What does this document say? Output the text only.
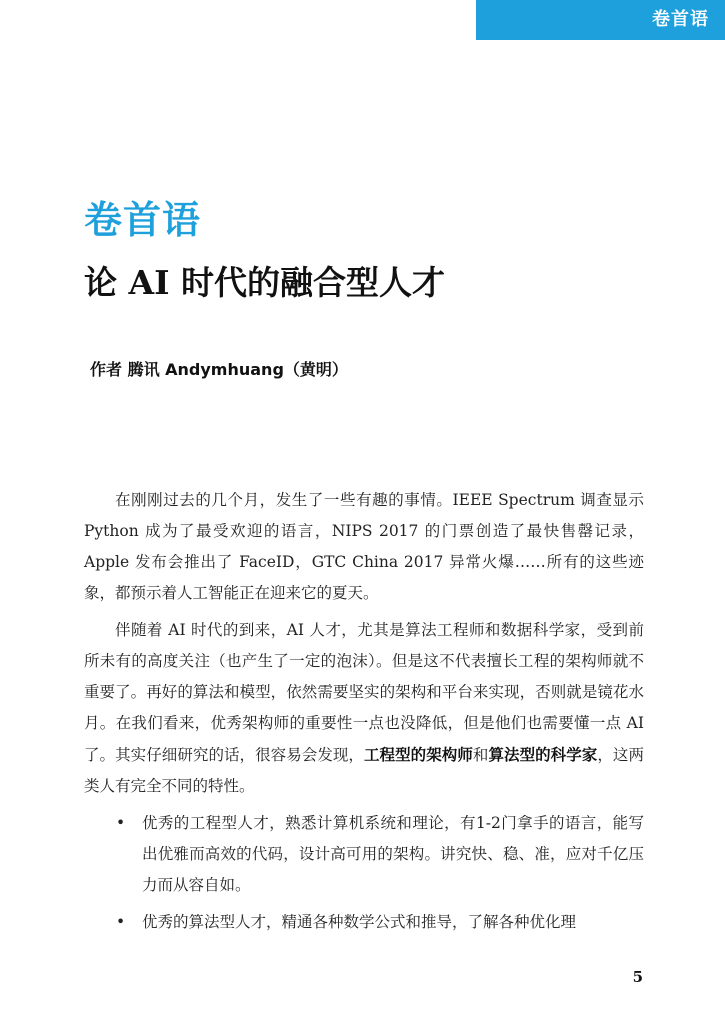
卷首语
卷首语
论 AI 时代的融合型人才

作者 腾讯 Andymhuang（黄明）

在刚刚过去的几个月，发生了一些有趣的事情。IEEE Spectrum 调查显示 Python 成为了最受欢迎的语言，NIPS 2017 的门票创造了最快售罄记录，Apple 发布会推出了 FaceID，GTC China 2017 异常火爆……所有的这些迹象，都预示着人工智能正在迎来它的夏天。

伴随着 AI 时代的到来，AI 人才，尤其是算法工程师和数据科学家，受到前所未有的高度关注（也产生了一定的泡沫）。但是这不代表擅长工程的架构师就不重要了。再好的算法和模型，依然需要坚实的架构和平台来实现，否则就是镜花水月。在我们看来，优秀架构师的重要性一点也没降低，但是他们也需要懂一点 AI 了。其实仔细研究的话，很容易会发现，工程型的架构师和算法型的科学家，这两类人有完全不同的特性。

• 优秀的工程型人才，熟悉计算机系统和理论，有1-2门拿手的语言，能写出优雅而高效的代码，设计高可用的架构。讲究快、稳、准，应对千亿压力而从容自如。
• 优秀的算法型人才，精通各种数学公式和推导，了解各种优化理
5
